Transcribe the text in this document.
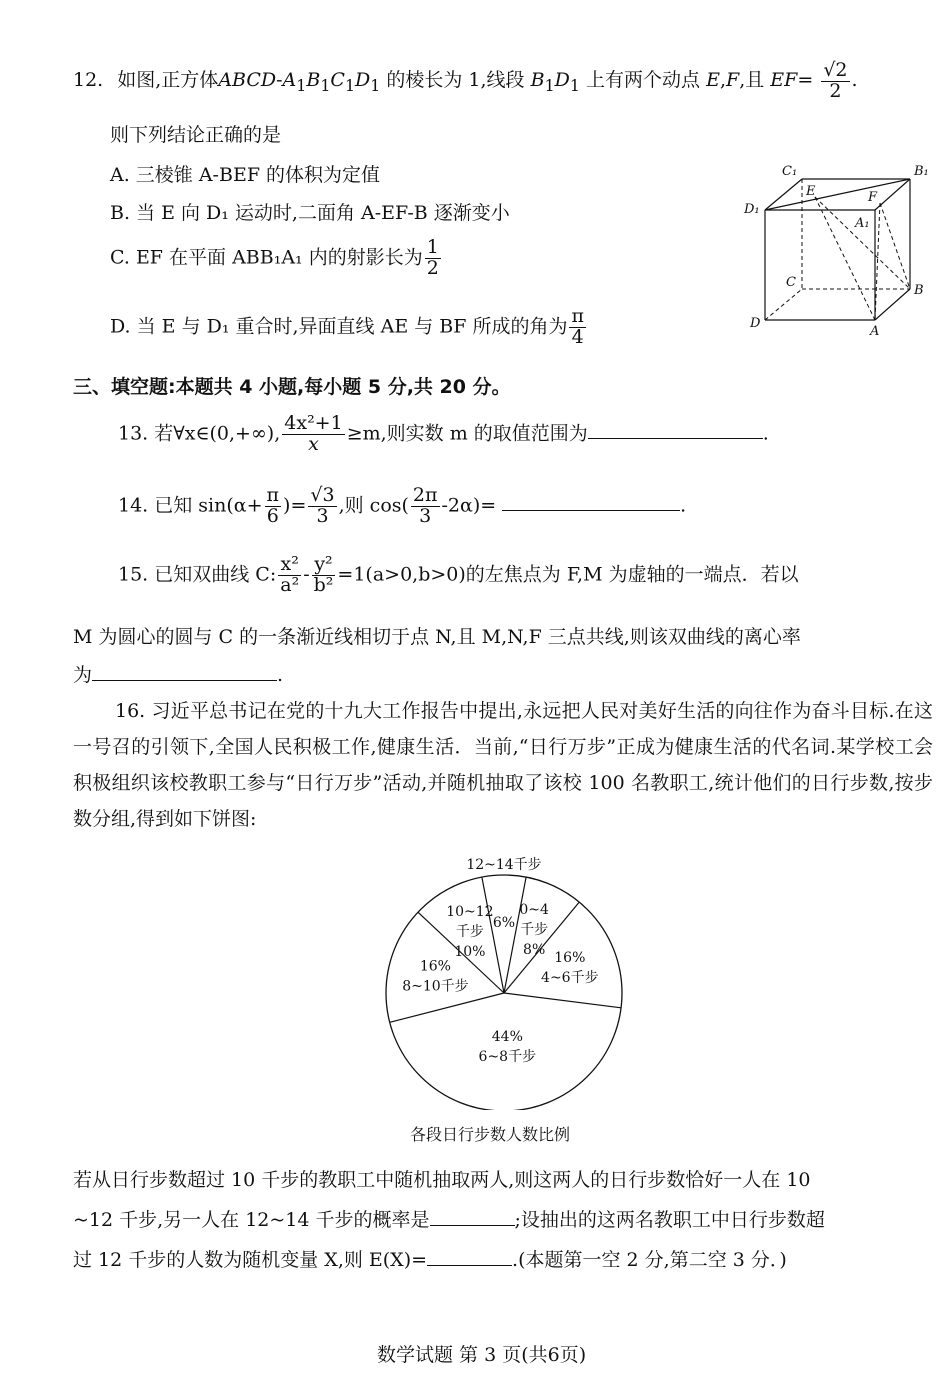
12. 如图,正方体ABCD-$A_1B_1C_1D_1$ 的棱长为 1,线段 $B_1D_1$ 上有两个动点 E,F,且 $EF= \frac{√2}{2}$ .
则下列结论正确的是
A. 三棱锥 A-BEF 的体积为定值
B. 当 E 向 D₁ 运动时,二面角 A-EF-B 逐渐变小
C. EF 在平面 ABB₁A₁ 内的射影长为 $\frac{1}{2}$
D. 当 E 与 D₁ 重合时,异面直线 AE 与 BF 所成的角为 $\frac{\pi}{4}$
C₁
E
B₁
D₁
F
A₁
C
B
D
A
三、填空题:本题共 4 小题,每小题 5 分,共 20 分。
13. 若∀x∈(0,+∞), $\frac{\text{4x²+1}}{x} \ge m$,则实数 m 的取值范围为	.
14. 已知 $\sin(\alpha+ \frac{\pi}{6}$ )= $\frac{√3}{3}$ ,则 $\cos( \frac{2\pi}{3} -2\alpha)=$	.
15. 已知双曲线 C: $\frac{\text{x²}}{\text{a²}} - \frac{\text{y²}}{\text{b²}} =1(a>0,b>0)$的左焦点为 F,M 为虚轴的一端点．若以
M 为圆心的圆与 C 的一条渐近线相切于点 N,且 M,N,F 三点共线,则该双曲线的离心率
为	.
16. 习近平总书记在党的十九大工作报告中提出,永远把人民对美好生活的向往作为奋斗目标.在这一号召的引领下,全国人民积极工作,健康生活．当前,“日行万步”正成为健康生活的代名词.某学校工会积极组织该校教职工参与“日行万步”活动,并随机抽取了该校 100 名教职工,统计他们的日行步数,按步数分组,得到如下饼图:
6%
12~14千步
0~4
千步
8% 16%
4~6千步
44%
6~8千步
16%
8~10千步
10~12
千步
10%
各段日行步数人数比例
若从日行步数超过 10 千步的教职工中随机抽取两人,则这两人的日行步数恰好一人在 10
~12 千步,另一人在 12~14 千步的概率是	;设抽出的这两名教职工中日行步数超
过 12 千步的人数为随机变量 X,则 E(X)=	.(本题第一空 2 分,第二空 3 分．)
数学试题 第 3 页(共6页)
